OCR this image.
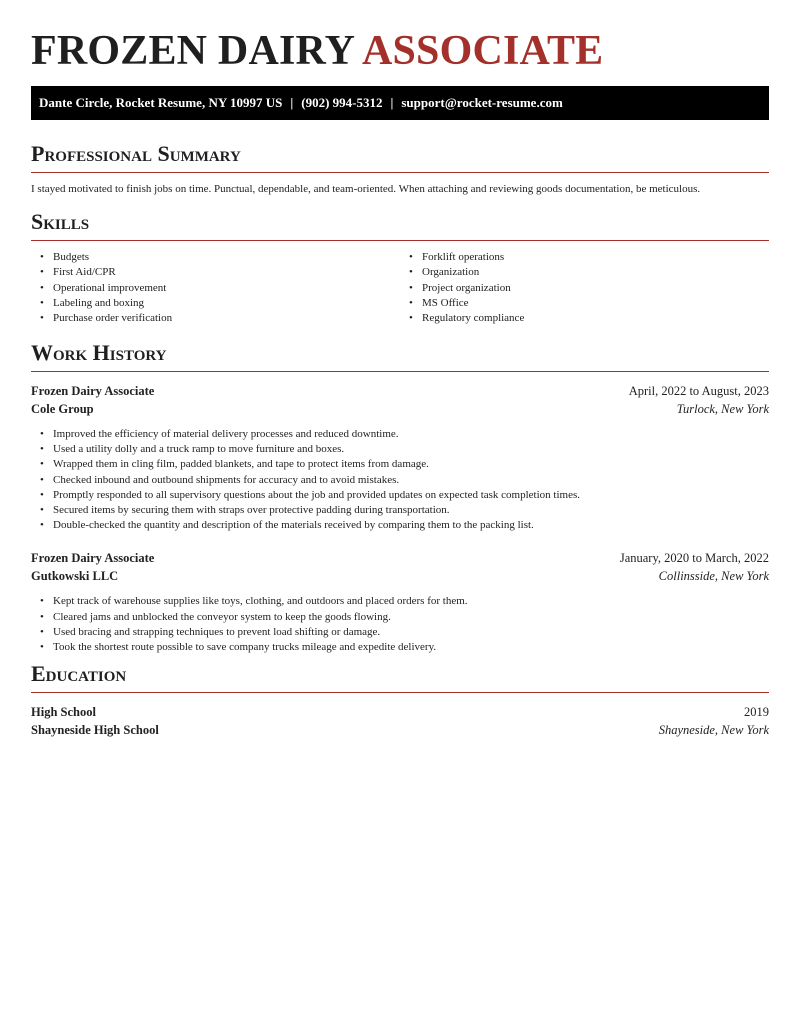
FROZEN DAIRY ASSOCIATE
Dante Circle, Rocket Resume, NY 10997 US | (902) 994-5312 | support@rocket-resume.com
Professional Summary
I stayed motivated to finish jobs on time. Punctual, dependable, and team-oriented. When attaching and reviewing goods documentation, be meticulous.
Skills
• Budgets
• First Aid/CPR
• Operational improvement
• Labeling and boxing
• Purchase order verification
• Forklift operations
• Organization
• Project organization
• MS Office
• Regulatory compliance
Work History
Frozen Dairy Associate	April, 2022 to August, 2023
Cole Group	Turlock, New York
• Improved the efficiency of material delivery processes and reduced downtime.
• Used a utility dolly and a truck ramp to move furniture and boxes.
• Wrapped them in cling film, padded blankets, and tape to protect items from damage.
• Checked inbound and outbound shipments for accuracy and to avoid mistakes.
• Promptly responded to all supervisory questions about the job and provided updates on expected task completion times.
• Secured items by securing them with straps over protective padding during transportation.
• Double-checked the quantity and description of the materials received by comparing them to the packing list.
Frozen Dairy Associate	January, 2020 to March, 2022
Gutkowski LLC	Collinsside, New York
• Kept track of warehouse supplies like toys, clothing, and outdoors and placed orders for them.
• Cleared jams and unblocked the conveyor system to keep the goods flowing.
• Used bracing and strapping techniques to prevent load shifting or damage.
• Took the shortest route possible to save company trucks mileage and expedite delivery.
Education
High School	2019
Shayneside High School	Shayneside, New York
